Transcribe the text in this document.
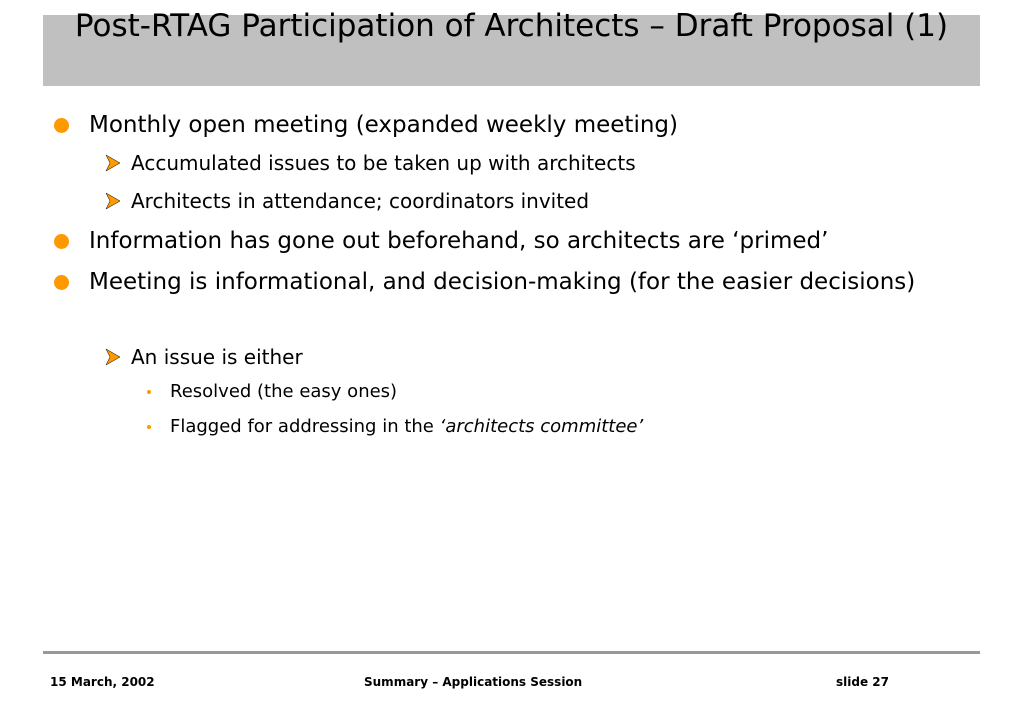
Post-RTAG Participation of Architects – Draft Proposal (1)
Monthly open meeting (expanded weekly meeting)
Accumulated issues to be taken up with architects
Architects in attendance; coordinators invited
Information has gone out beforehand, so architects are ‘primed’
Meeting is informational, and decision-making (for the easier decisions)
An issue is either
Resolved (the easy ones)
Flagged for addressing in the ‘architects committee’
15 March, 2002	Summary – Applications Session	slide 27
